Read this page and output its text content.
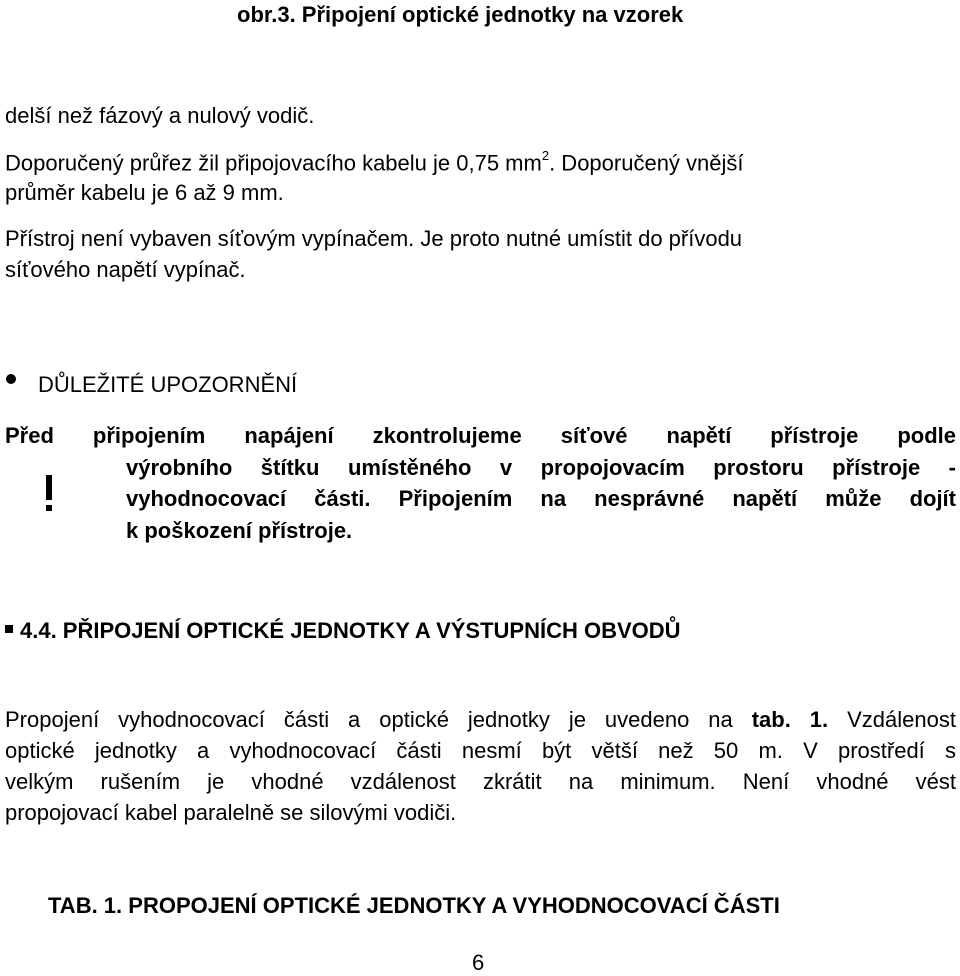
obr.3. Připojení optické jednotky na vzorek
delší než fázový a nulový vodič.
Doporučený průřez žil připojovacího kabelu je 0,75 $mm^2$. Doporučený vnější
průměr kabelu je 6 až 9 mm.
Přístroj není vybaven síťovým vypínačem. Je proto nutné umístit do přívodu
síťového napětí vypínač.
DŮLEŽITÉ UPOZORNĚNÍ
Před připojením napájení zkontrolujeme síťové napětí přístroje podle
výrobního štítku umístěného v propojovacím prostoru přístroje -
vyhodnocovací části. Připojením na nesprávné napětí může dojít
k poškození přístroje.
4.4. PŘIPOJENÍ OPTICKÉ JEDNOTKY A VÝSTUPNÍCH OBVODŮ
Propojení vyhodnocovací části a optické jednotky je uvedeno na tab. 1. Vzdálenost
optické jednotky a vyhodnocovací části nesmí být větší než 50 m. V prostředí s
velkým rušením je vhodné vzdálenost zkrátit na minimum. Není vhodné vést
propojovací kabel paralelně se silovými vodiči.
TAB. 1. PROPOJENÍ OPTICKÉ JEDNOTKY A VYHODNOCOVACÍ ČÁSTI
6
